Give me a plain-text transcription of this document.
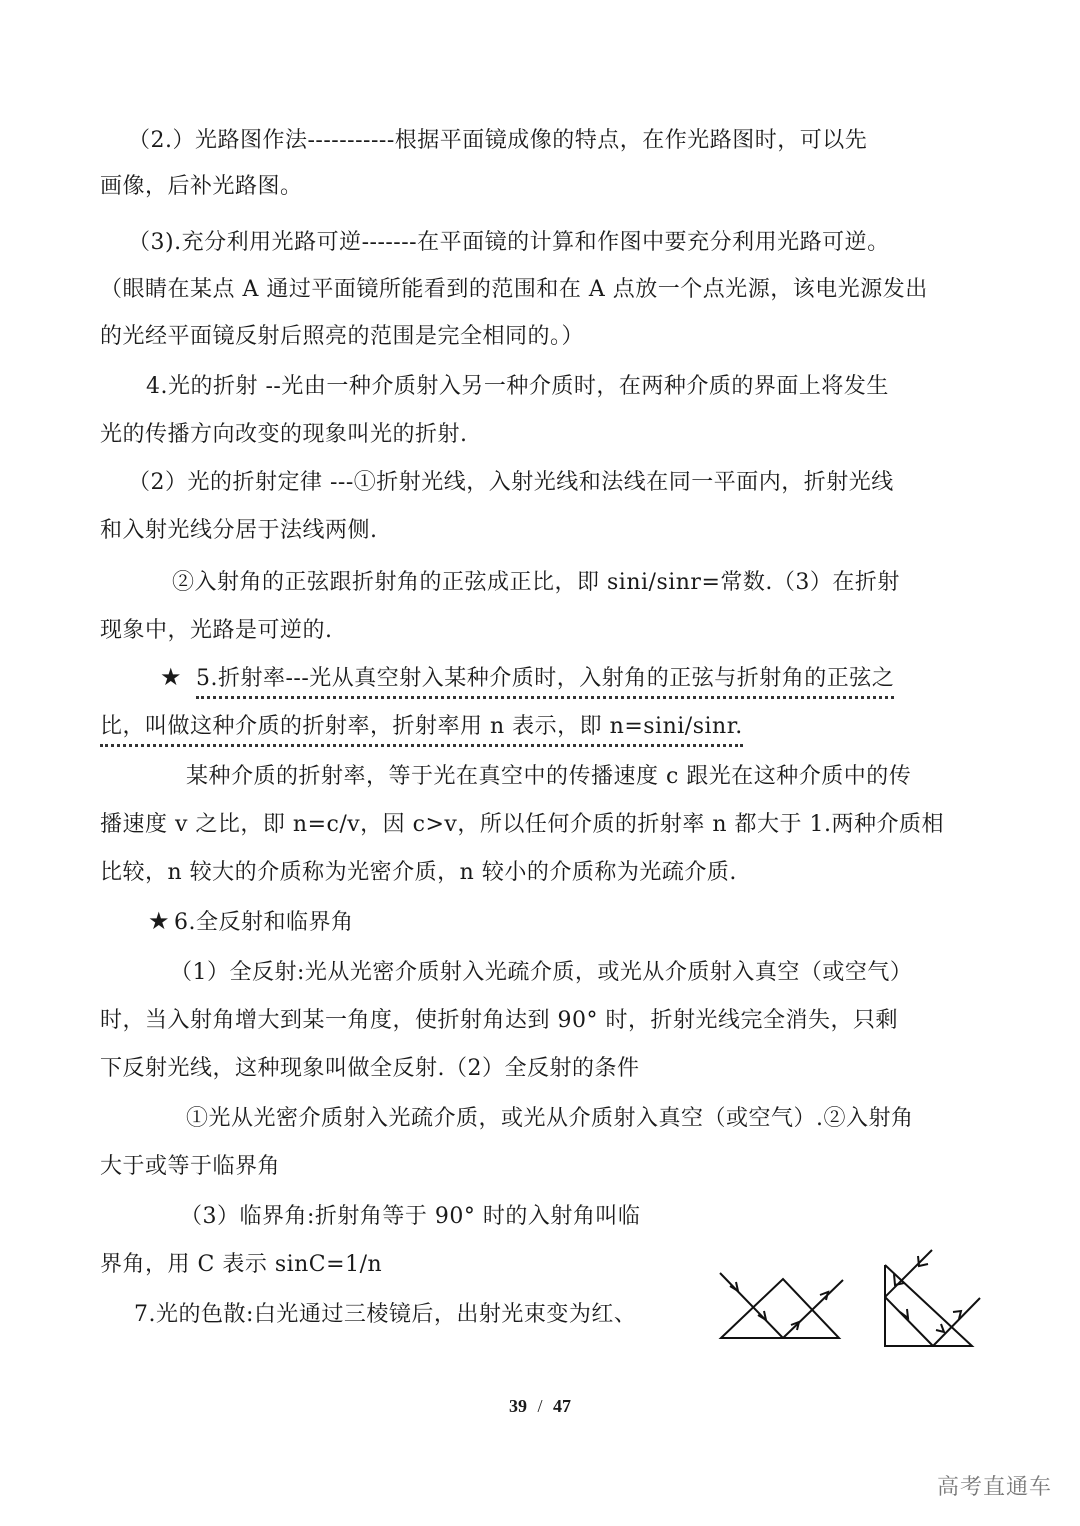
（2.）光路图作法-----------根据平面镜成像的特点，在作光路图时，可以先
画像，后补光路图。
（3).充分利用光路可逆-------在平面镜的计算和作图中要充分利用光路可逆。
（眼睛在某点 A 通过平面镜所能看到的范围和在 A 点放一个点光源，该电光源发出
的光经平面镜反射后照亮的范围是完全相同的。）
4.光的折射 --光由一种介质射入另一种介质时，在两种介质的界面上将发生
光的传播方向改变的现象叫光的折射.
（2）光的折射定律 ---①折射光线，入射光线和法线在同一平面内，折射光线
和入射光线分居于法线两侧.
②入射角的正弦跟折射角的正弦成正比，即 sini/sinr=常数.（3）在折射
现象中，光路是可逆的.
5.折射率---光从真空射入某种介质时，入射角的正弦与折射角的正弦之
比，叫做这种介质的折射率，折射率用 n 表示，即 n=sini/sinr.
某种介质的折射率，等于光在真空中的传播速度 c 跟光在这种介质中的传
播速度 v 之比，即 n=c/v，因 c>v，所以任何介质的折射率 n 都大于 1.两种介质相
比较，n 较大的介质称为光密介质，n 较小的介质称为光疏介质.
6.全反射和临界角
（1）全反射:光从光密介质射入光疏介质，或光从介质射入真空（或空气）
时，当入射角增大到某一角度，使折射角达到 90° 时，折射光线完全消失，只剩
下反射光线，这种现象叫做全反射.（2）全反射的条件
①光从光密介质射入光疏介质，或光从介质射入真空（或空气）.②入射角
大于或等于临界角
（3）临界角:折射角等于 90° 时的入射角叫临
界角，用 C 表示 sinC=1/n
7.光的色散:白光通过三棱镜后，出射光束变为红、
★
★
39 / 47
高考直通车
